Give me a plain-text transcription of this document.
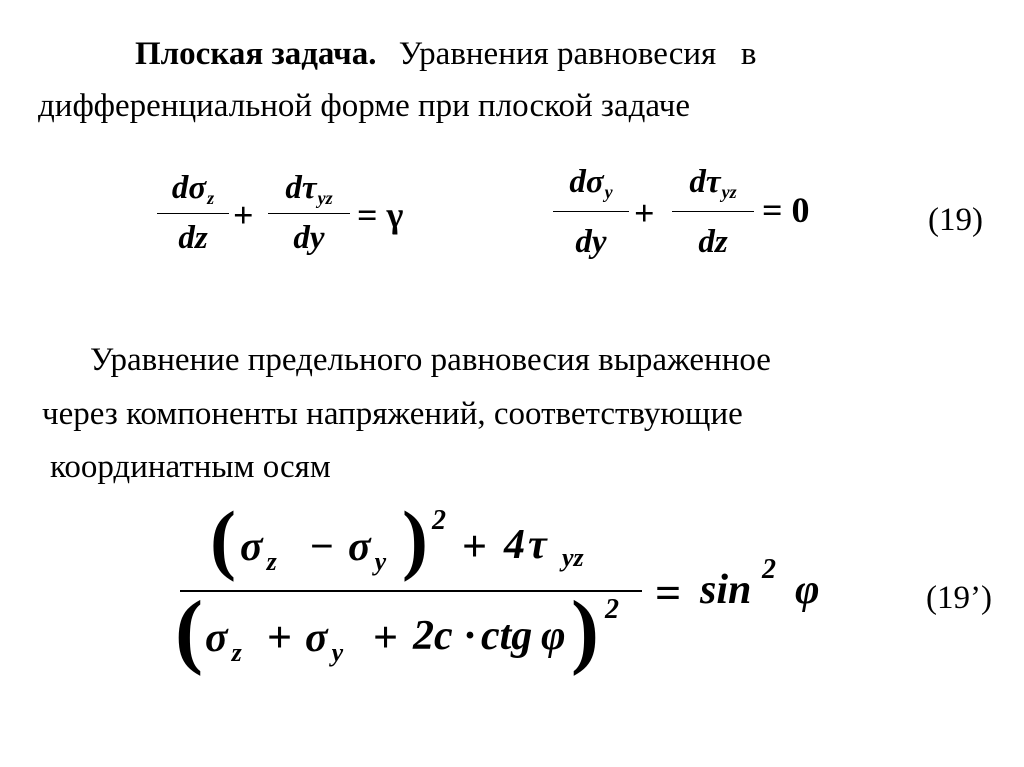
Плоская задача. Уравнения равновесия   в
дифференциальной форме при плоской задаче
dσz
dz
+
dτyz
dy
= γ
dσy
dy
+
dτyz
dz
= 0	(19)
Уравнение предельного равновесия выраженное
через компоненты напряжений, соответствующие
координатным осям
( σ $_z$ − σ $_y$ ) 2
+ 4 τ yz
( σ $_z$ + σ $_y$ + 2c · ctg φ ) 2 = sin 2 φ	(19’)
